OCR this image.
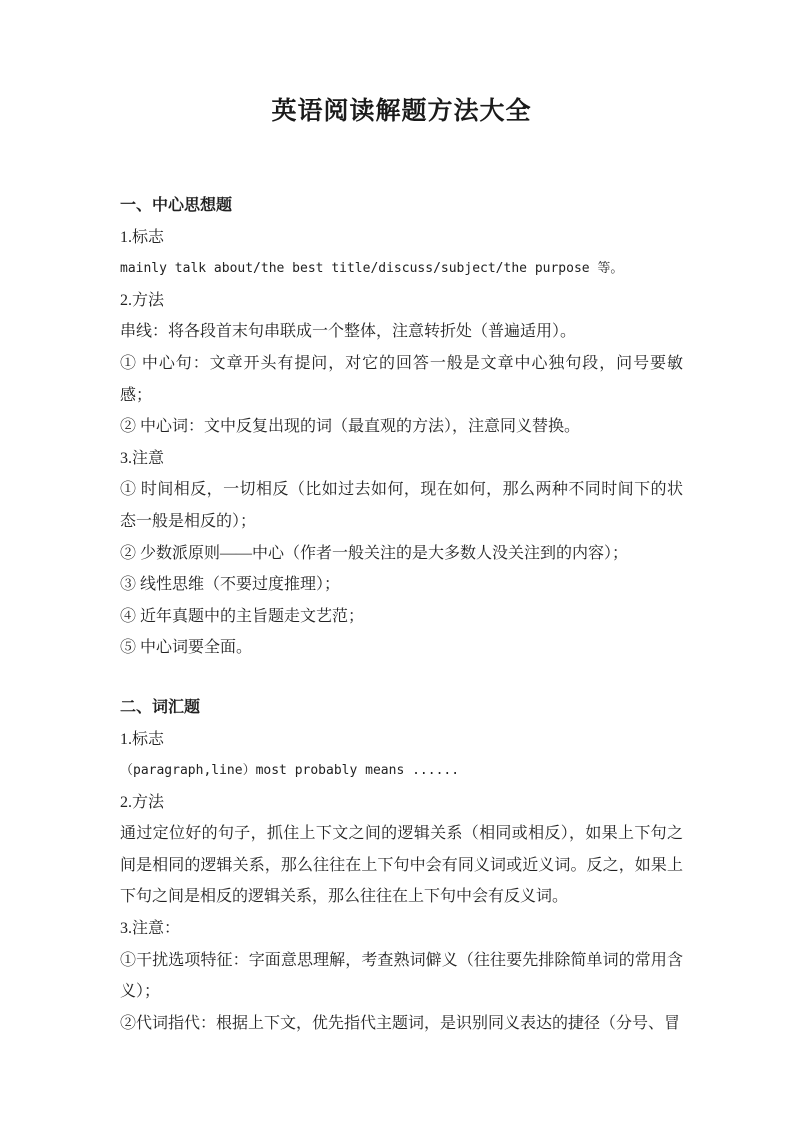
英语阅读解题方法大全

一、中心思想题

1.标志

mainly talk about/the best title/discuss/subject/the purpose 等。

2.方法

串线：将各段首末句串联成一个整体，注意转折处（普遍适用）。

① 中心句：文章开头有提问，对它的回答一般是文章中心独句段，问号要敏感；

② 中心词：文中反复出现的词（最直观的方法），注意同义替换。

3.注意

① 时间相反，一切相反（比如过去如何，现在如何，那么两种不同时间下的状态一般是相反的）；

② 少数派原则——中心（作者一般关注的是大多数人没关注到的内容）；

③ 线性思维（不要过度推理）；

④ 近年真题中的主旨题走文艺范；

⑤ 中心词要全面。

二、词汇题

1.标志

（paragraph,line）most probably means ......

2.方法

通过定位好的句子，抓住上下文之间的逻辑关系（相同或相反），如果上下句之间是相同的逻辑关系，那么往往在上下句中会有同义词或近义词。反之，如果上下句之间是相反的逻辑关系，那么往往在上下句中会有反义词。

3.注意：

①干扰选项特征：字面意思理解，考查熟词僻义（往往要先排除简单词的常用含义）；

②代词指代：根据上下文，优先指代主题词，是识别同义表达的捷径（分号、冒
